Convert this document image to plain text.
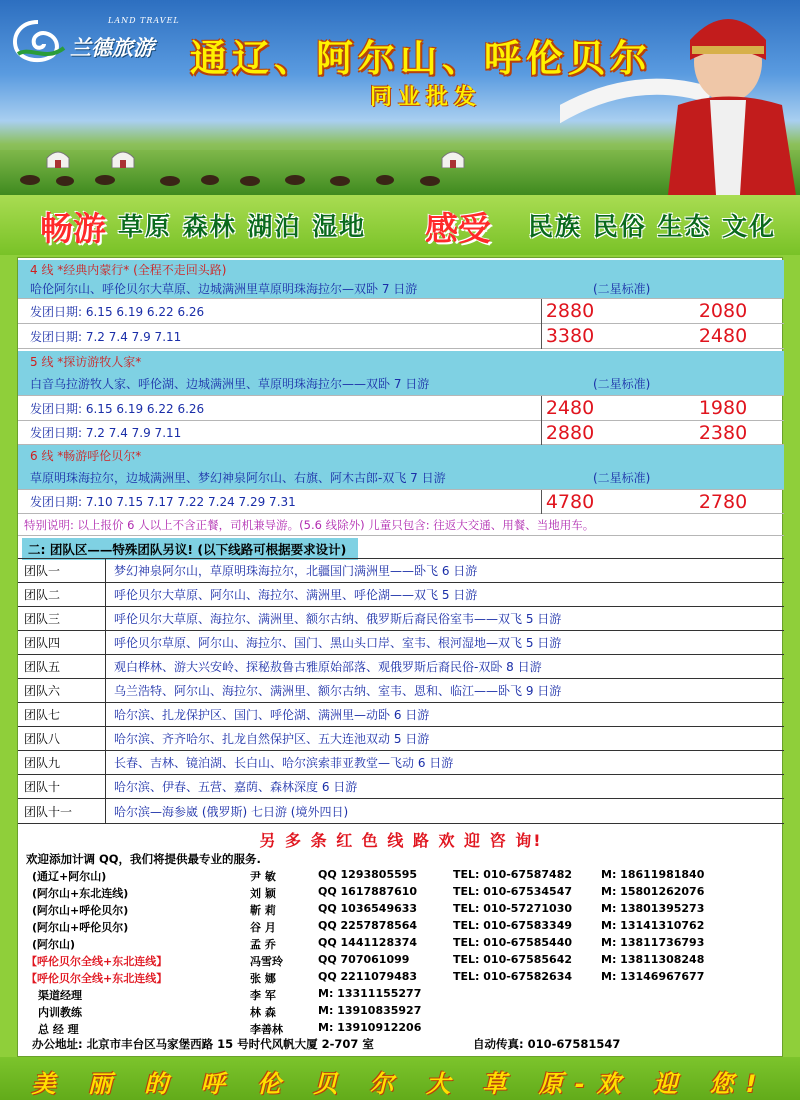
LAND TRAVEL
兰德旅游 通辽、阿尔山、呼伦贝尔
同业批发
畅游 草原 森林 湖泊 湿地 感受 民族 民俗 生态 文化
4 线 *经典内蒙行* (全程不走回头路)
哈伦阿尔山、呼伦贝尔大草原、边城满洲里草原明珠海拉尔—双卧 7 日游	(二星标准)
发团日期: 6.15 6.19 6.22 6.26	2880	2080
发团日期: 7.2 7.4 7.9 7.11	3380	2480
5 线 *探访游牧人家*
白音乌拉游牧人家、呼伦湖、边城满洲里、草原明珠海拉尔——双卧 7 日游	(二星标准)
发团日期: 6.15 6.19 6.22 6.26	2480	1980
发团日期: 7.2 7.4 7.9 7.11	2880	2380
6 线 *畅游呼伦贝尔*
草原明珠海拉尔，边城满洲里、梦幻神泉阿尔山、右旗、阿木古郎-双飞 7 日游	(二星标准)
发团日期: 7.10 7.15 7.17 7.22 7.24 7.29 7.31	4780	2780
特别说明: 以上报价 6 人以上不含正餐，司机兼导游。(5.6 线除外) 儿童只包含: 往返大交通、用餐、当地用车。
二: 团队区——特殊团队另议! (以下线路可根据要求设计)
团队一	梦幻神泉阿尔山，草原明珠海拉尔，北疆国门满洲里——卧飞 6 日游
团队二	呼伦贝尔大草原、阿尔山、海拉尔、满洲里、呼伦湖——双飞 5 日游
团队三	呼伦贝尔大草原、海拉尔、满洲里、额尔古纳、俄罗斯后裔民俗室韦——双飞 5 日游
团队四	呼伦贝尔草原、阿尔山、海拉尔、国门、黑山头口岸、室韦、根河湿地—双飞 5 日游
团队五	观白桦林、游大兴安岭、探秘敖鲁古雅原始部落、观俄罗斯后裔民俗-双卧 8 日游
团队六	乌兰浩特、阿尔山、海拉尔、满洲里、额尔古纳、室韦、恩和、临江——卧飞 9 日游
团队七	哈尔滨、扎龙保护区、国门、呼伦湖、满洲里—动卧 6 日游
团队八	哈尔滨、齐齐哈尔、扎龙自然保护区、五大连池双动 5 日游
团队九	长春、吉林、镜泊湖、长白山、哈尔滨索菲亚教堂—飞动 6 日游
团队十	哈尔滨、伊春、五营、嘉荫、森林深度 6 日游
团队十一	哈尔滨—海参崴 (俄罗斯) 七日游 (境外四日)
另 多 条 红 色 线 路 欢 迎 咨 询!
欢迎添加计调 QQ，我们将提供最专业的服务.
(通辽+阿尔山)	尹 敏	QQ 1293805595	TEL: 010-67587482	M: 18611981840
(阿尔山+东北连线)	刘 颖	QQ 1617887610	TEL: 010-67534547	M: 15801262076
(阿尔山+呼伦贝尔)	靳 莉	QQ 1036549633	TEL: 010-57271030	M: 13801395273
(阿尔山+呼伦贝尔)	谷 月	QQ 2257878564	TEL: 010-67583349	M: 13141310762
(阿尔山)	孟 乔	QQ 1441128374	TEL: 010-67585440	M: 13811736793
【呼伦贝尔全线+东北连线】	冯雪玲	QQ 707061099	TEL: 010-67585642	M: 13811308248
【呼伦贝尔全线+东北连线】	张 娜	QQ 2211079483	TEL: 010-67582634	M: 13146967677
渠道经理	李 军	M: 13311155277
内训教练	林 森	M: 13910835927
总 经 理	李善林	M: 13910912206
办公地址: 北京市丰台区马家堡西路 15 号时代风帆大厦 2-707 室	自动传真: 010-67581547
美 丽 的 呼 伦 贝 尔 大 草 原-欢 迎 您!
